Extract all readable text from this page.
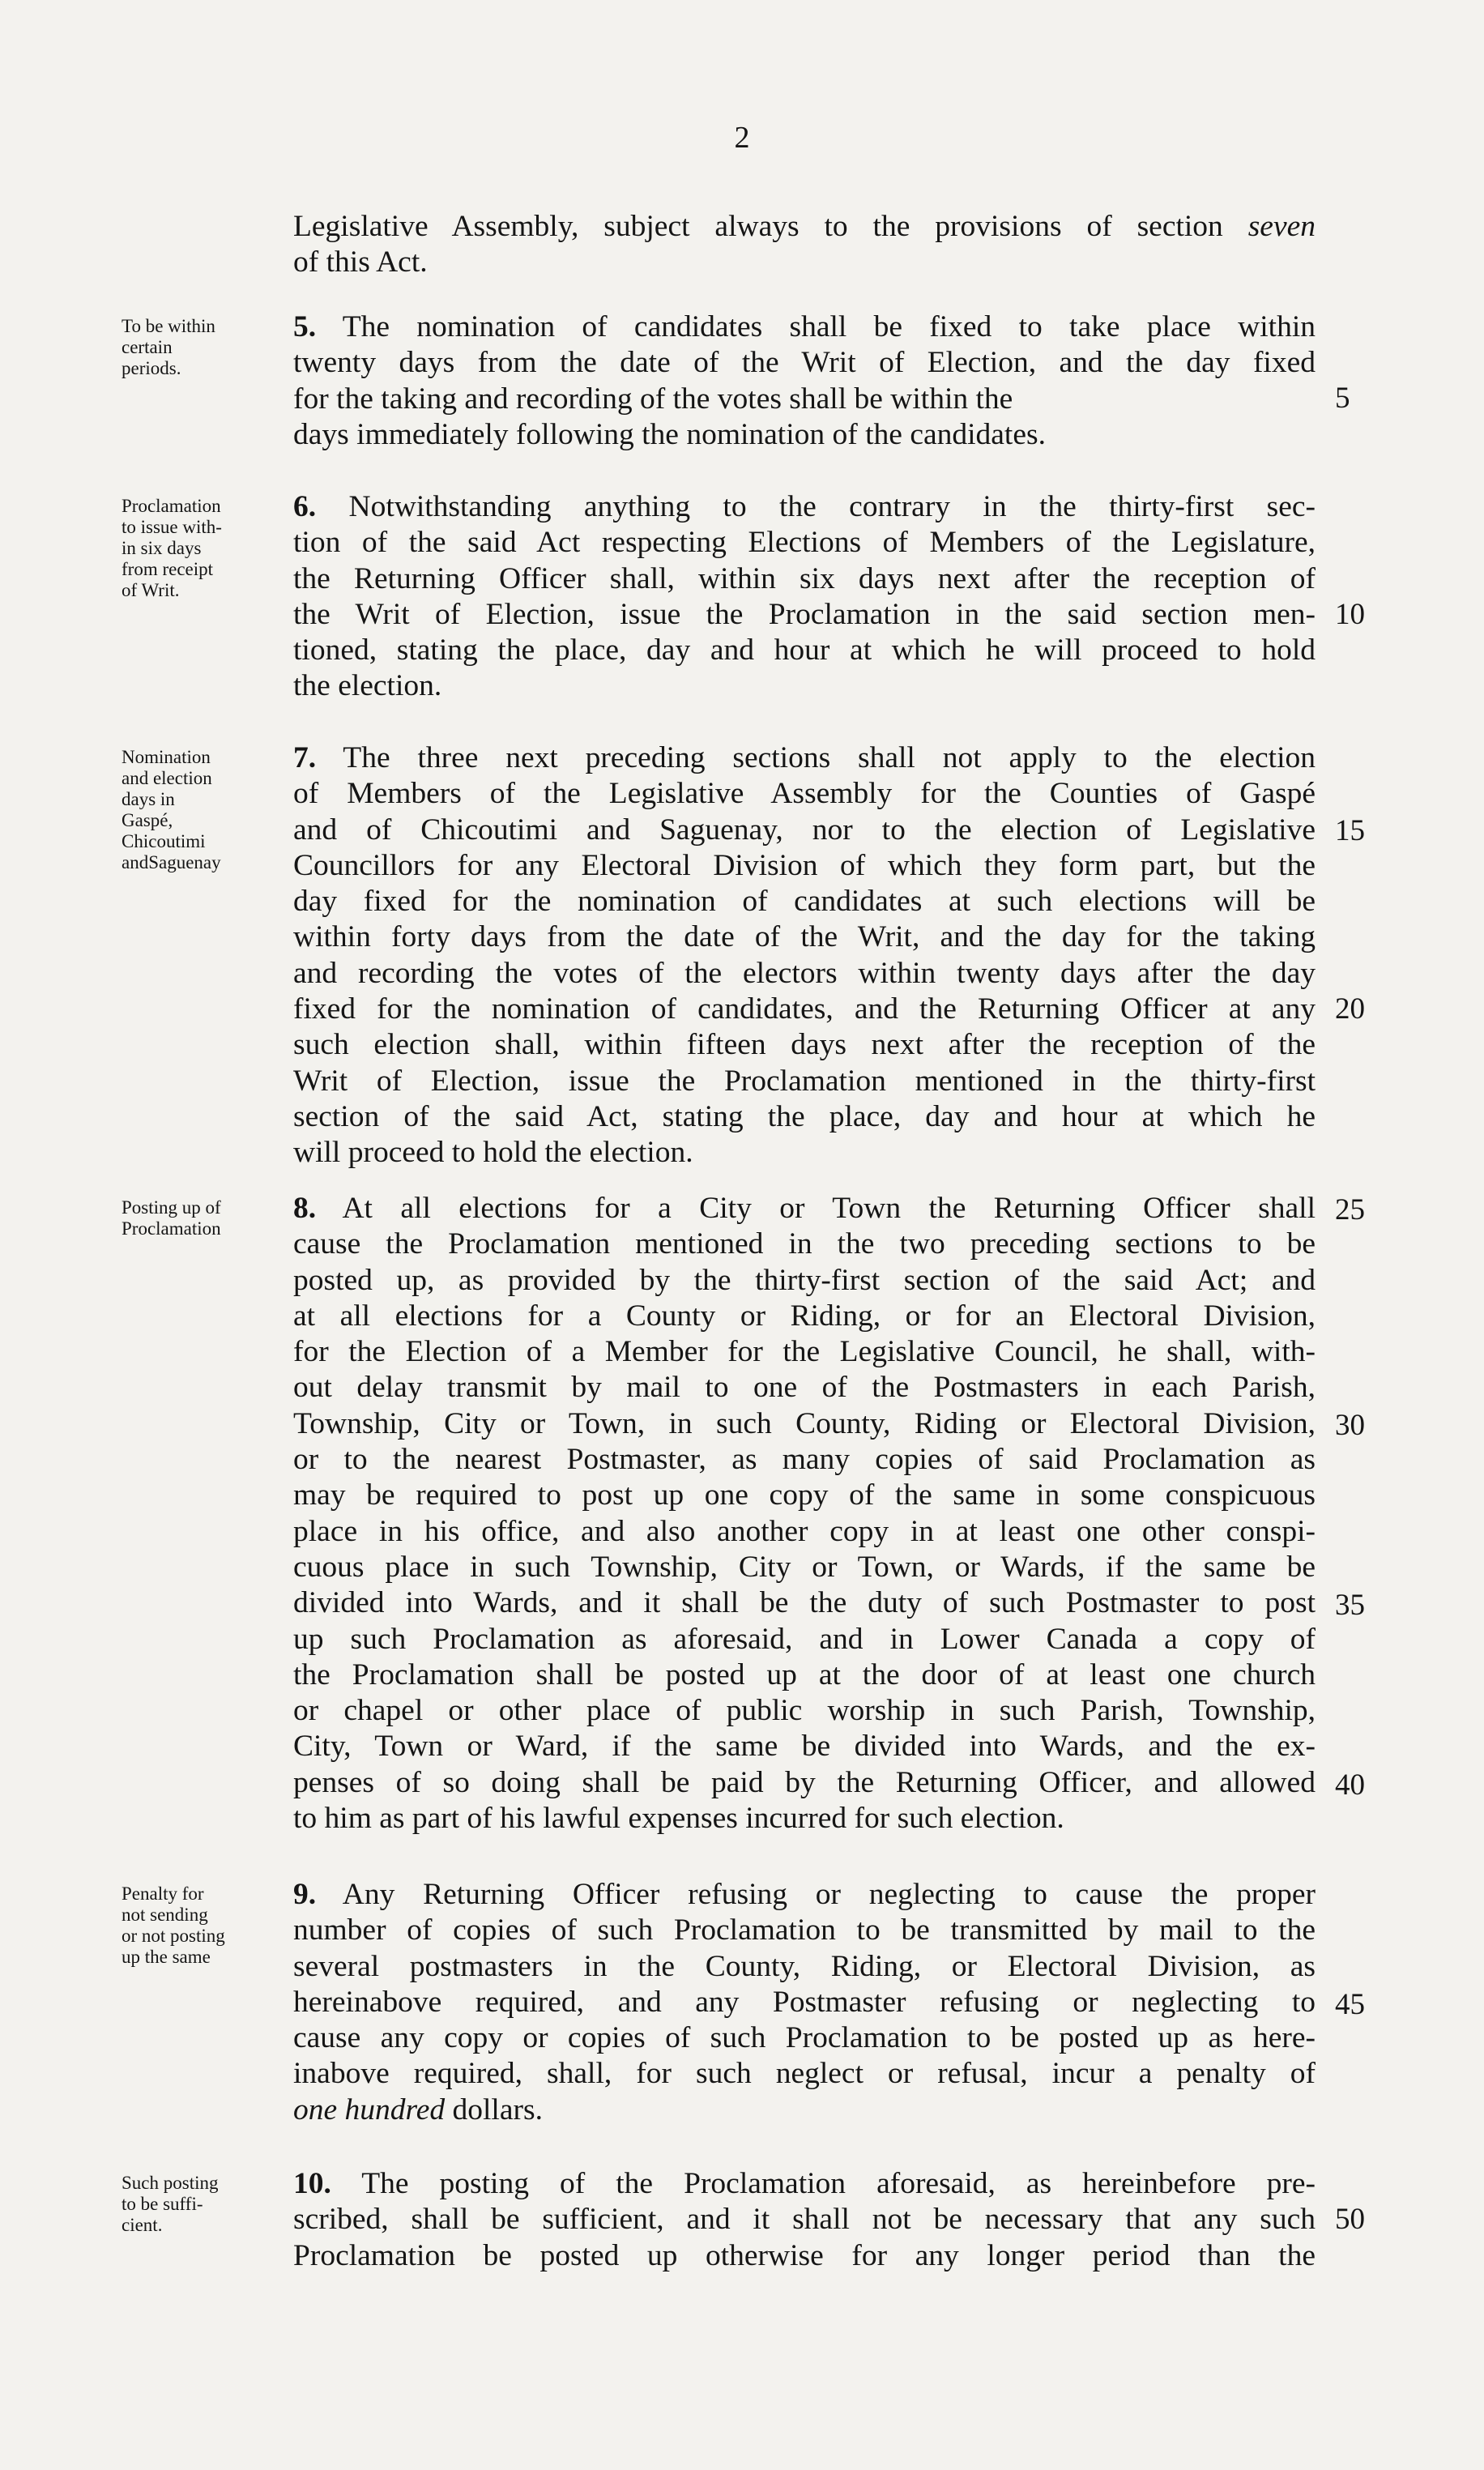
2
Legislative Assembly, subject always to the provisions of section seven
of this Act.
To be within
certain
periods.
5. The nomination of candidates shall be fixed to take place within
twenty days from the date of the Writ of Election, and the day fixed
for the taking and recording of the votes shall be within the
days immediately following the nomination of the candidates.
5
Proclamation
to issue with-
in six days
from receipt
of Writ.
6. Notwithstanding anything to the contrary in the thirty-first sec-
tion of the said Act respecting Elections of Members of the Legislature,
the Returning Officer shall, within six days next after the reception of
the Writ of Election, issue the Proclamation in the said section men-
tioned, stating the place, day and hour at which he will proceed to hold
the election.
10
Nomination
and election
days in
Gaspé,
Chicoutimi
andSaguenay
7. The three next preceding sections shall not apply to the election
of Members of the Legislative Assembly for the Counties of Gaspé
and of Chicoutimi and Saguenay, nor to the election of Legislative
Councillors for any Electoral Division of which they form part, but the
day fixed for the nomination of candidates at such elections will be
within forty days from the date of the Writ, and the day for the taking
and recording the votes of the electors within twenty days after the day
fixed for the nomination of candidates, and the Returning Officer at any
such election shall, within fifteen days next after the reception of the
Writ of Election, issue the Proclamation mentioned in the thirty-first
section of the said Act, stating the place, day and hour at which he
will proceed to hold the election.
15
20
Posting up of
Proclamation
8. At all elections for a City or Town the Returning Officer shall
cause the Proclamation mentioned in the two preceding sections to be
posted up, as provided by the thirty-first section of the said Act; and
at all elections for a County or Riding, or for an Electoral Division,
for the Election of a Member for the Legislative Council, he shall, with-
out delay transmit by mail to one of the Postmasters in each Parish,
Township, City or Town, in such County, Riding or Electoral Division,
or to the nearest Postmaster, as many copies of said Proclamation as
may be required to post up one copy of the same in some conspicuous
place in his office, and also another copy in at least one other conspi-
cuous place in such Township, City or Town, or Wards, if the same be
divided into Wards, and it shall be the duty of such Postmaster to post
up such Proclamation as aforesaid, and in Lower Canada a copy of
the Proclamation shall be posted up at the door of at least one church
or chapel or other place of public worship in such Parish, Township,
City, Town or Ward, if the same be divided into Wards, and the ex-
penses of so doing shall be paid by the Returning Officer, and allowed
to him as part of his lawful expenses incurred for such election.
25
30
35
40
Penalty for
not sending
or not posting
up the same
9. Any Returning Officer refusing or neglecting to cause the proper
number of copies of such Proclamation to be transmitted by mail to the
several postmasters in the County, Riding, or Electoral Division, as
hereinabove required, and any Postmaster refusing or neglecting to
cause any copy or copies of such Proclamation to be posted up as here-
inabove required, shall, for such neglect or refusal, incur a penalty of
one hundred dollars.
45
Such posting
to be suffi-
cient.
10. The posting of the Proclamation aforesaid, as hereinbefore pre-
scribed, shall be sufficient, and it shall not be necessary that any such
Proclamation be posted up otherwise for any longer period than the
50
